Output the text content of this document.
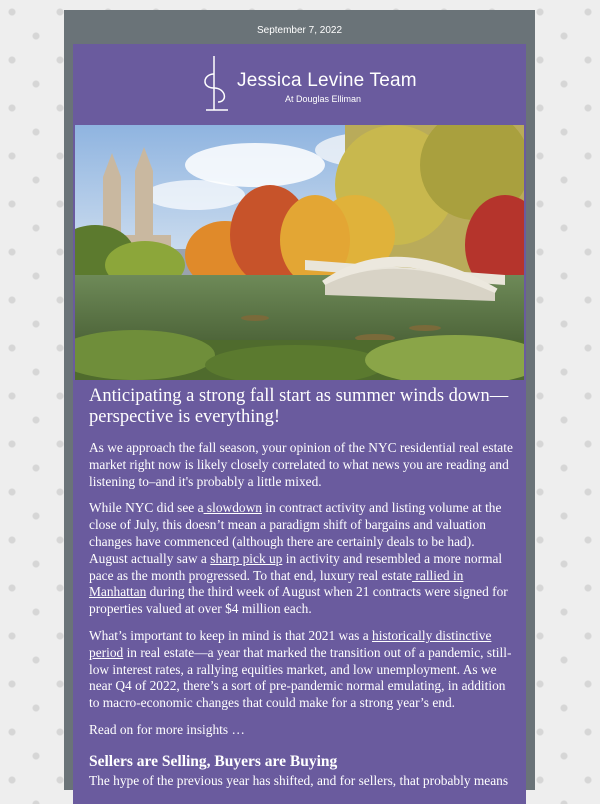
September 7, 2022
Jessica Levine Team
At Douglas Elliman
Anticipating a strong fall start as summer winds down—perspective is everything!

As we approach the fall season, your opinion of the NYC residential real estate market right now is likely closely correlated to what news you are reading and listening to–and it's probably a little mixed.

While NYC did see a slowdown in contract activity and listing volume at the close of July, this doesn’t mean a paradigm shift of bargains and valuation changes have commenced (although there are certainly deals to be had). August actually saw a sharp pick up in activity and resembled a more normal pace as the month progressed. To that end, luxury real estate rallied in Manhattan during the third week of August when 21 contracts were signed for properties valued at over $4 million each.

What’s important to keep in mind is that 2021 was a historically distinctive period in real estate—a year that marked the transition out of a pandemic, still-low interest rates, a rallying equities market, and low unemployment. As we near Q4 of 2022, there’s a sort of pre-pandemic normal emulating, in addition to macro-economic changes that could make for a strong year’s end.

Read on for more insights …

Sellers are Selling, Buyers are Buying

The hype of the previous year has shifted, and for sellers, that probably means
